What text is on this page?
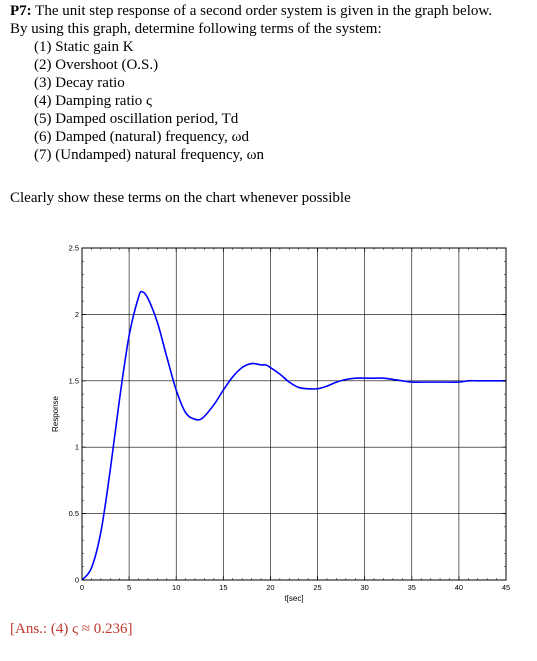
P7: The unit step response of a second order system is given in the graph below.
By using this graph, determine following terms of the system:
(1) Static gain K
(2) Overshoot (O.S.)
(3) Decay ratio
(4) Damping ratio ς
(5) Damped oscillation period, Td
(6) Damped (natural) frequency, ωd
(7) (Undamped) natural frequency, ωn
Clearly show these terms on the chart whenever possible
0	5	10	15	20	25	30	35	40	45
0
0.5
1
1.5
2
2.5
t[sec]
Response
[Ans.: (4) ς ≈ 0.236]
